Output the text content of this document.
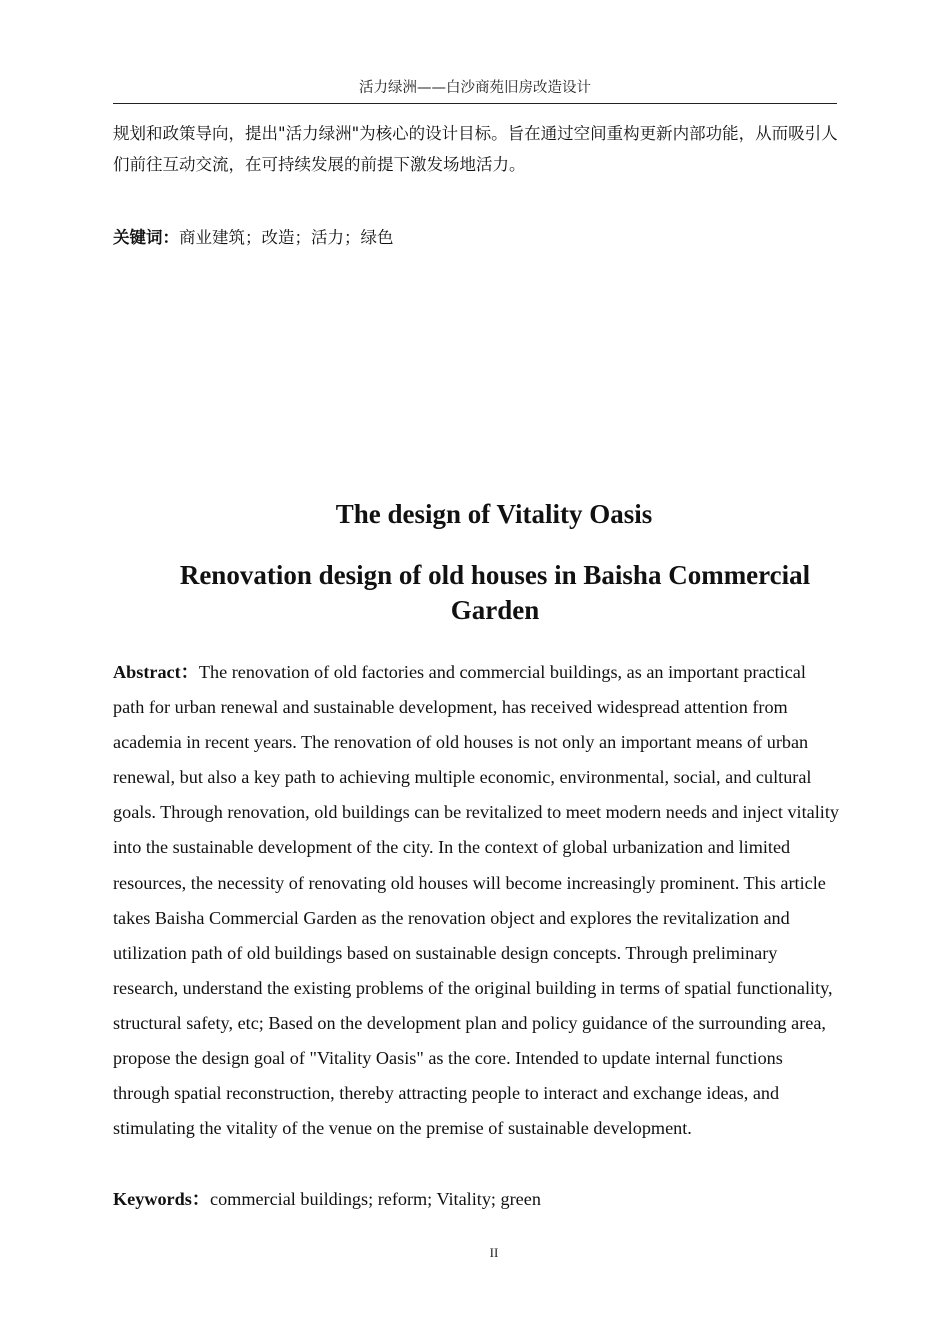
活力绿洲——白沙商苑旧房改造设计

规划和政策导向，提出"活力绿洲"为核心的设计目标。旨在通过空间重构更新内部功能，从而吸引人们前往互动交流，在可持续发展的前提下激发场地活力。

关键词：商业建筑；改造；活力；绿色

The design of Vitality Oasis
Renovation design of old houses in Baisha Commercial Garden

Abstract：The renovation of old factories and commercial buildings, as an important practical path for urban renewal and sustainable development, has received widespread attention from academia in recent years. The renovation of old houses is not only an important means of urban renewal, but also a key path to achieving multiple economic, environmental, social, and cultural goals. Through renovation, old buildings can be revitalized to meet modern needs and inject vitality into the sustainable development of the city. In the context of global urbanization and limited resources, the necessity of renovating old houses will become increasingly prominent. This article takes Baisha Commercial Garden as the renovation object and explores the revitalization and utilization path of old buildings based on sustainable design concepts. Through preliminary research, understand the existing problems of the original building in terms of spatial functionality, structural safety, etc; Based on the development plan and policy guidance of the surrounding area, propose the design goal of "Vitality Oasis" as the core. Intended to update internal functions through spatial reconstruction, thereby attracting people to interact and exchange ideas, and stimulating the vitality of the venue on the premise of sustainable development.

Keywords：commercial buildings; reform; Vitality; green

II
